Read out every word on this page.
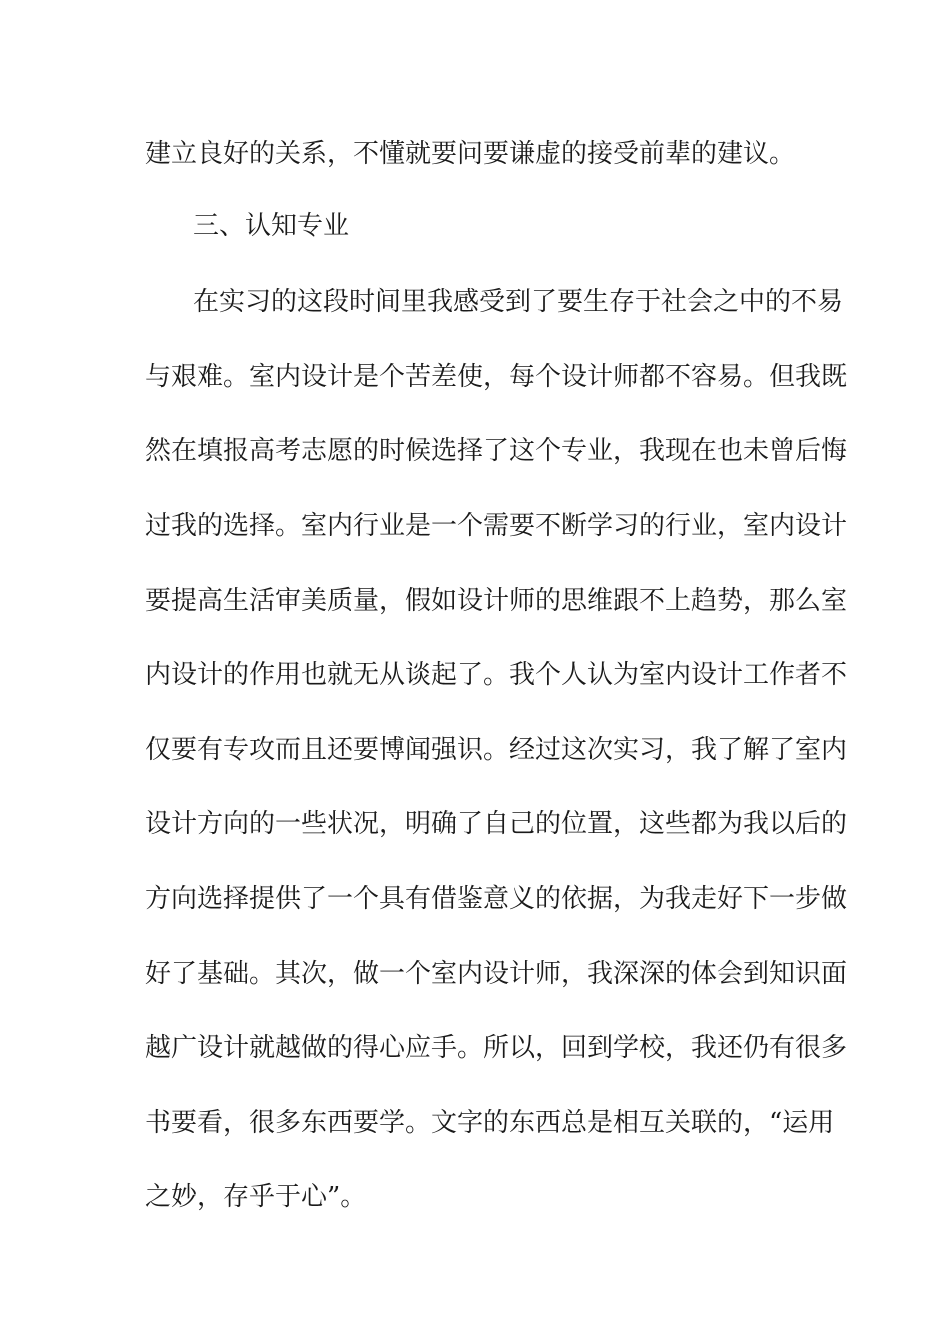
建立良好的关系，不懂就要问要谦虚的接受前辈的建议。
三、认知专业
在实习的这段时间里我感受到了要生存于社会之中的不易
与艰难。室内设计是个苦差使，每个设计师都不容易。但我既
然在填报高考志愿的时候选择了这个专业，我现在也未曾后悔
过我的选择。室内行业是一个需要不断学习的行业，室内设计
要提高生活审美质量，假如设计师的思维跟不上趋势，那么室
内设计的作用也就无从谈起了。我个人认为室内设计工作者不
仅要有专攻而且还要博闻强识。经过这次实习，我了解了室内
设计方向的一些状况，明确了自己的位置，这些都为我以后的
方向选择提供了一个具有借鉴意义的依据，为我走好下一步做
好了基础。其次，做一个室内设计师，我深深的体会到知识面
越广设计就越做的得心应手。所以，回到学校，我还仍有很多
书要看，很多东西要学。文字的东西总是相互关联的，“运用
之妙，存乎于心”。
